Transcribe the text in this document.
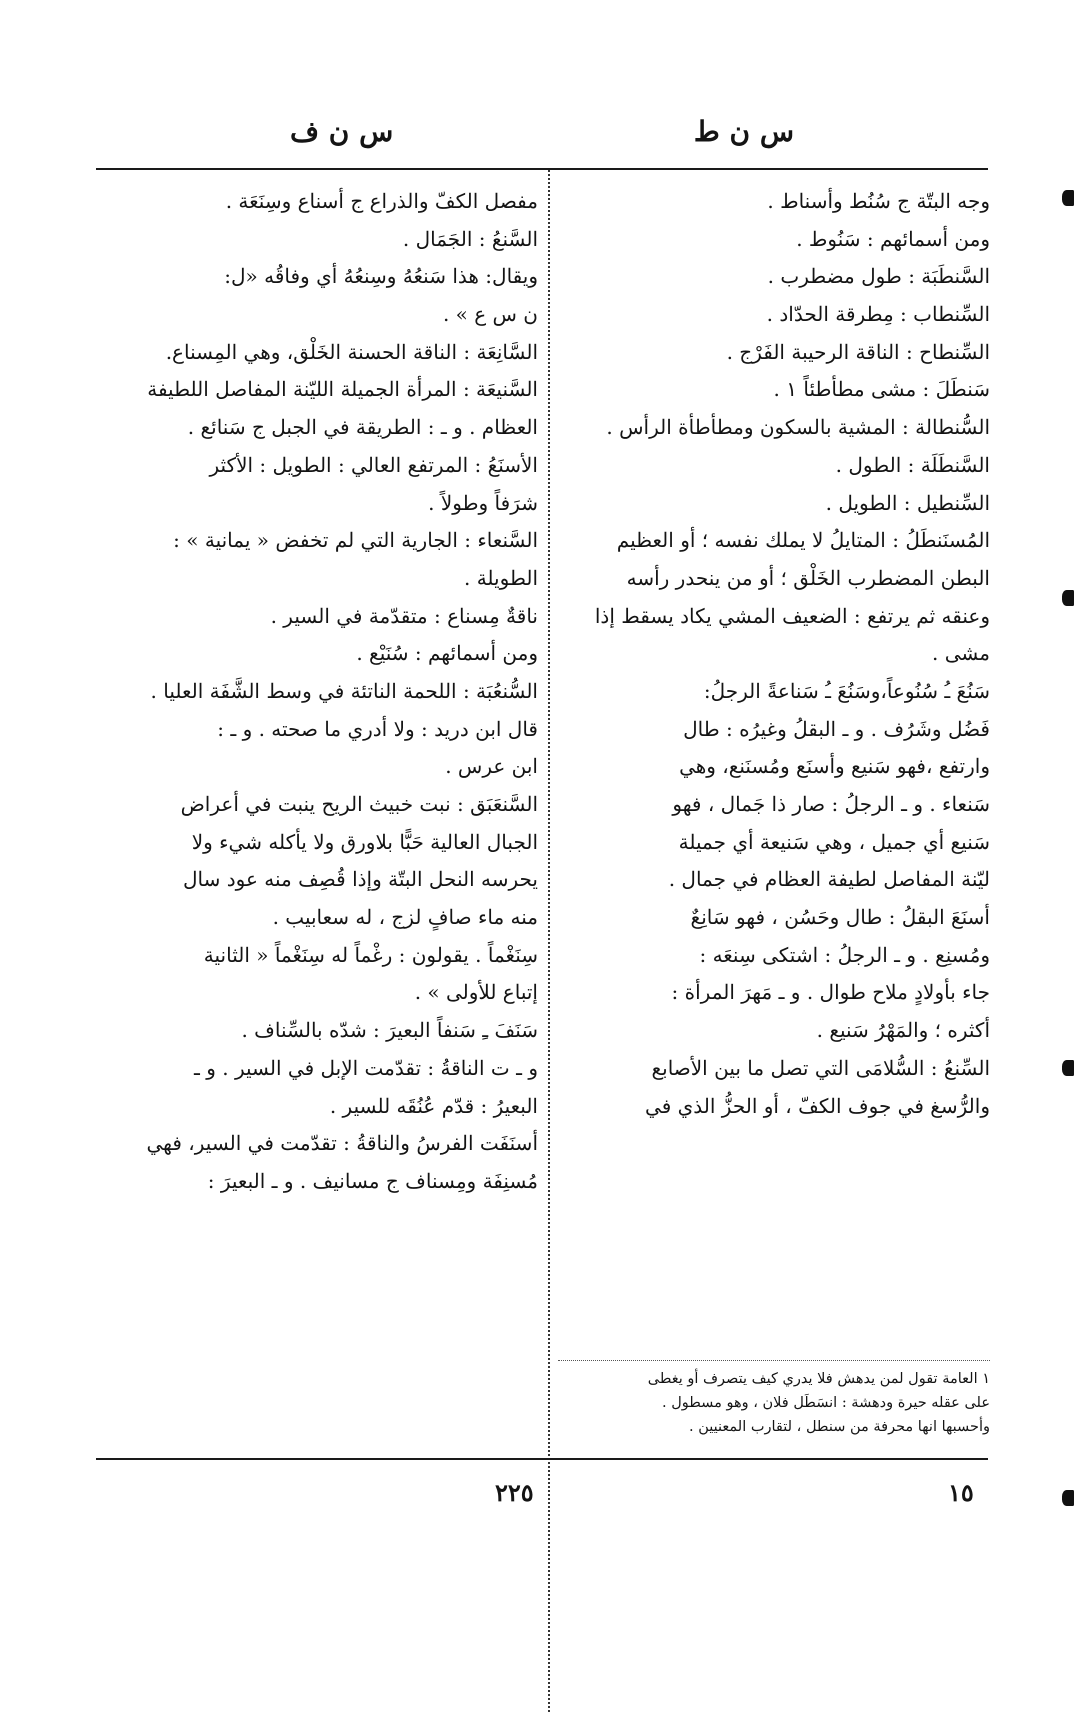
س ن ط
س ن ف
وجه البتّة ج سُنُط وأسناط .
ومن أسمائهم : سَنُوط .
السَّنطَبَة : طول مضطرب .
السِّنطاب : مِطرقة الحدّاد .
السِّنطاح : الناقة الرحيبة الفَرْج .
سَنطَلَ : مشى مطأطئاً ١ .
السُّنطالة : المشية بالسكون ومطأطأة الرأس .
السَّنطَلَة : الطول .
السِّنطيل : الطويل .
المُسنَنطَلُ : المتايلُ لا يملك نفسه ؛ أو العظيم
البطن المضطرب الخَلْق ؛ أو من ينحدر رأسه
وعنقه ثم يرتفع : الضعيف المشي يكاد يسقط إذا
مشى .
سَنُعَ ـُ سُنُوعاً،وسَنُعَ ـُ سَناعةً الرجلُ:
فَضُل وشَرُف . و ـ البقلُ وغيرُه : طال
وارتفع ،فهو سَنيع وأسنَع ومُسنَنع، وهي
سَنعاء . و ـ الرجلُ : صار ذا جَمال ، فهو
سَنيع أي جميل ، وهي سَنيعة أي جميلة
ليّنة المفاصل لطيفة العظام في جمال .
أسنَعَ البقلُ : طال وحَسُن ، فهو سَانِعٌ
ومُسنِع . و ـ الرجلُ : اشتكى سِنعَه :
جاء بأولادٍ ملاح طوال . و ـ مَهرَ المرأة :
أكثره ؛ والمَهْرُ سَنيع .
السِّنعُ : السُّلامَى التي تصل ما بين الأصابع
والرُّسغ في جوف الكفّ ، أو الحزُّ الذي في
مفصل الكفّ والذراع ج أسناع وسِنَعَة .
السَّنعُ : الجَمَال .
ويقال: هذا سَنعُهُ وسِنعُهُ أي وفاقُه «ل:
ن س ع » .
السَّانِعَة : الناقة الحسنة الخَلْق، وهي المِسناع.
السَّنيعَة : المرأة الجميلة الليّنة المفاصل اللطيفة
العظام . و ـ : الطريقة في الجبل ج سَنائع .
الأسنَعُ : المرتفع العالي : الطويل : الأكثر
شرَفاً وطولاً .
السَّنعاء : الجارية التي لم تخفض « يمانية » :
الطويلة .
ناقةٌ مِسناع : متقدّمة في السير .
ومن أسمائهم : سُنَيْع .
السُّنعُبَة : اللحمة الناتئة في وسط الشَّفَة العليا .
قال ابن دريد : ولا أدري ما صحته . و ـ :
ابن عرس .
السَّنعَبَق : نبت خبيث الريح ينبت في أعراض
الجبال العالية حَبًّا بلاورق ولا يأكله شيء ولا
يحرسه النحل البتّة وإذا قُصِف منه عود سال
منه ماء صافٍ لزج ، له سعابيب .
سِنَغْماً . يقولون : رغْماً له سِنَغْماً « الثانية
إتباع للأولى » .
سَنَفَ ـِ سَنفاً البعيرَ : شدّه بالسِّناف .
و ـ ت الناقةُ : تقدّمت الإبل في السير . و ـ
البعيرُ : قدّم عُنُقَه للسير .
أسنَفَت الفرسُ والناقةُ : تقدّمت في السير، فهي
مُسنِفَة ومِسناف ج مسانيف . و ـ البعيرَ :
١ العامة تقول لمن يدهش فلا يدري كيف يتصرف أو يغطى
على عقله حيرة ودهشة : انسَطَل فلان ، وهو مسطول .
وأحسبها انها محرفة من سنطل ، لتقارب المعنيين .
١٥
٢٢٥
